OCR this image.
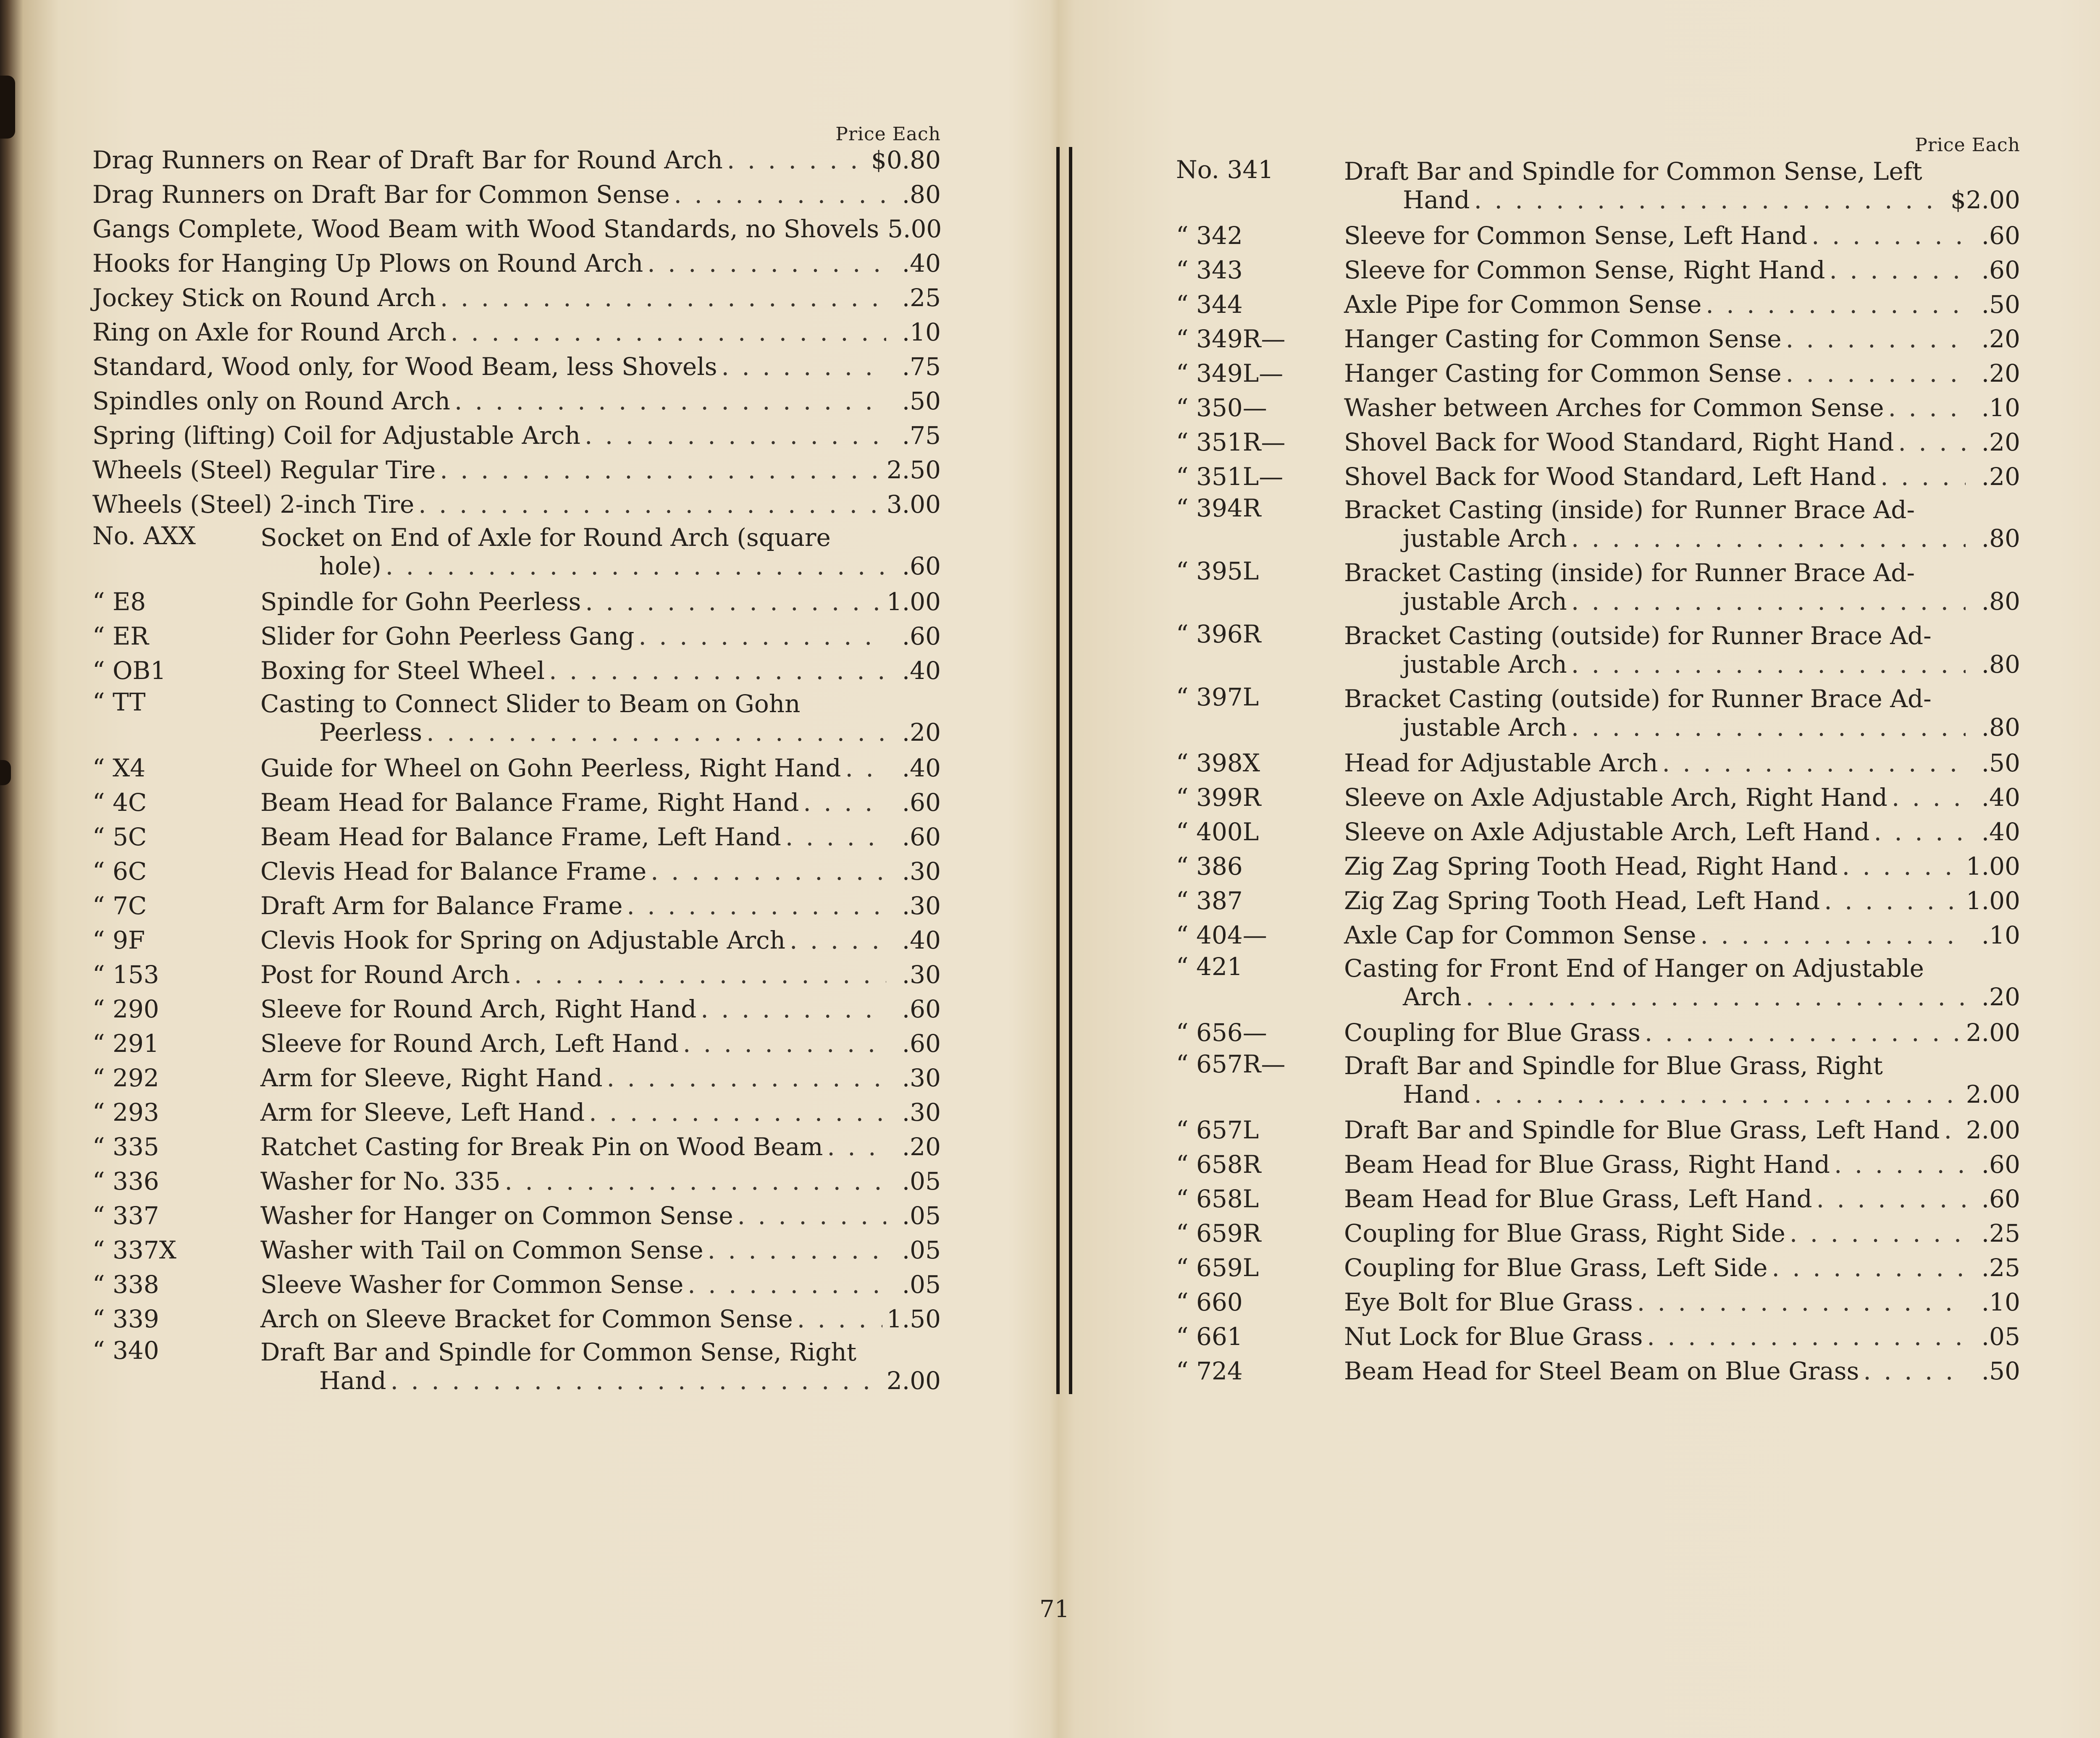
Price Each
Drag Runners on Rear of Draft Bar for Round Arch . . .	$0.80
Drag Runners on Draft Bar for Common Sense . . .	.80
Gangs Complete, Wood Beam with Wood Standards, no Shovels 5.00
Hooks for Hanging Up Plows on Round Arch . . .	.40
Jockey Stick on Round Arch . . .	.25
Ring on Axle for Round Arch . . .	.10
Standard, Wood only, for Wood Beam, less Shovels . . .	.75
Spindles only on Round Arch . . .	.50
Spring (lifting) Coil for Adjustable Arch . . .	.75
Wheels (Steel) Regular Tire . . .	2.50
Wheels (Steel) 2-inch Tire . . .	3.00
No. AXX	Socket on End of Axle for Round Arch (square
hole) . . .	.60
“ E8	Spindle for Gohn Peerless . . .	1.00
“ ER	Slider for Gohn Peerless Gang . . .	.60
“ OB1	Boxing for Steel Wheel . . .	.40
“ TT	Casting to Connect Slider to Beam on Gohn
Peerless . . .	.20
“ X4	Guide for Wheel on Gohn Peerless, Right Hand . . .	.40
“ 4C	Beam Head for Balance Frame, Right Hand . . .	.60
“ 5C	Beam Head for Balance Frame, Left Hand . . .	.60
“ 6C	Clevis Head for Balance Frame . . .	.30
“ 7C	Draft Arm for Balance Frame . . .	.30
“ 9F	Clevis Hook for Spring on Adjustable Arch . . .	.40
“ 153	Post for Round Arch . . .	.30
“ 290	Sleeve for Round Arch, Right Hand . . .	.60
“ 291	Sleeve for Round Arch, Left Hand . . .	.60
“ 292	Arm for Sleeve, Right Hand . . .	.30
“ 293	Arm for Sleeve, Left Hand . . .	.30
“ 335	Ratchet Casting for Break Pin on Wood Beam . . .	.20
“ 336	Washer for No. 335 . . .	.05
“ 337	Washer for Hanger on Common Sense . . .	.05
“ 337X	Washer with Tail on Common Sense . . .	.05
“ 338	Sleeve Washer for Common Sense . . .	.05
“ 339	Arch on Sleeve Bracket for Common Sense . . .	1.50
“ 340	Draft Bar and Spindle for Common Sense, Right
Hand . . .	2.00
Price Each
No. 341	Draft Bar and Spindle for Common Sense, Left
Hand . . .	$2.00
“ 342	Sleeve for Common Sense, Left Hand . . .	.60
“ 343	Sleeve for Common Sense, Right Hand . . .	.60
“ 344	Axle Pipe for Common Sense . . .	.50
“ 349R— Hanger Casting for Common Sense . . .	.20
“ 349L— Hanger Casting for Common Sense . . .	.20
“ 350—	Washer between Arches for Common Sense . . .	.10
“ 351R— Shovel Back for Wood Standard, Right Hand . . .	.20
“ 351L— Shovel Back for Wood Standard, Left Hand . . .	.20
“ 394R	Bracket Casting (inside) for Runner Brace Ad-
justable Arch . . .	.80
“ 395L	Bracket Casting (inside) for Runner Brace Ad-
justable Arch . . .	.80
“ 396R	Bracket Casting (outside) for Runner Brace Ad-
justable Arch . . .	.80
“ 397L	Bracket Casting (outside) for Runner Brace Ad-
justable Arch . . .	.80
“ 398X	Head for Adjustable Arch . . .	.50
“ 399R	Sleeve on Axle Adjustable Arch, Right Hand . . .	.40
“ 400L	Sleeve on Axle Adjustable Arch, Left Hand . . .	.40
“ 386	Zig Zag Spring Tooth Head, Right Hand . . .	1.00
“ 387	Zig Zag Spring Tooth Head, Left Hand . . .	1.00
“ 404—	Axle Cap for Common Sense . . .	.10
“ 421	Casting for Front End of Hanger on Adjustable
Arch . . .	.20
“ 656—	Coupling for Blue Grass . . .	2.00
“ 657R— Draft Bar and Spindle for Blue Grass, Right
Hand . . .	2.00
“ 657L	Draft Bar and Spindle for Blue Grass, Left Hand . . . 2.00
“ 658R	Beam Head for Blue Grass, Right Hand . . .	.60
“ 658L	Beam Head for Blue Grass, Left Hand . . .	.60
“ 659R	Coupling for Blue Grass, Right Side . . .	.25
“ 659L	Coupling for Blue Grass, Left Side . . .	.25
“ 660	Eye Bolt for Blue Grass . . .	.10
“ 661	Nut Lock for Blue Grass . . .	.05
“ 724	Beam Head for Steel Beam on Blue Grass . . .	.50
71
